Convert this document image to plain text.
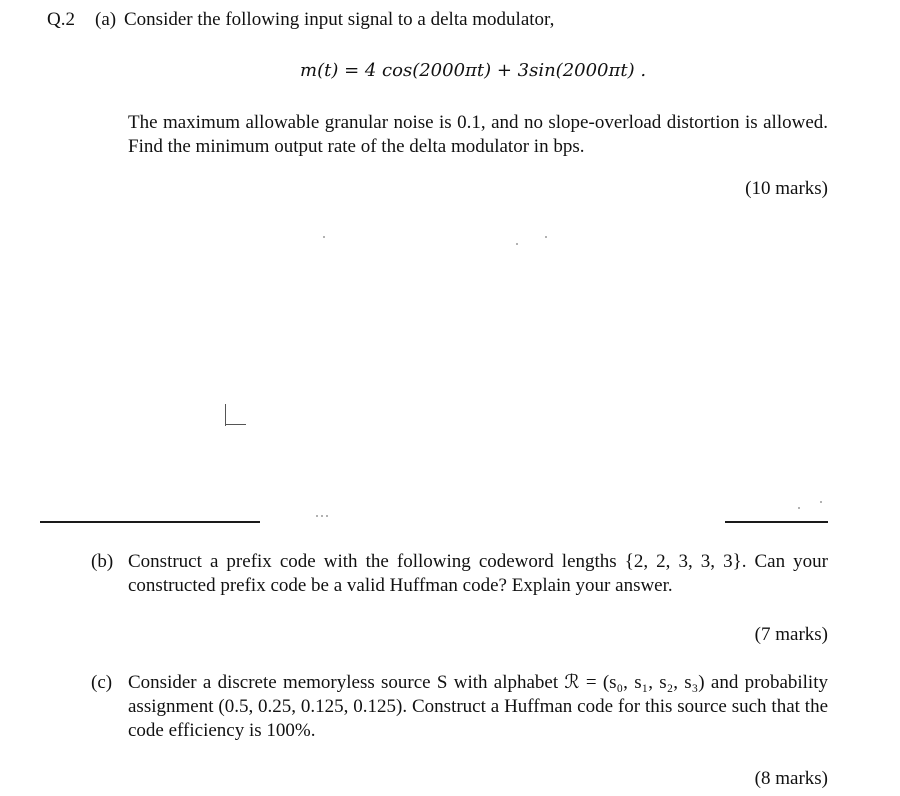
Q.2 (a) Consider the following input signal to a delta modulator,
m(t) = 4 cos(2000πt) + 3sin(2000πt) .
The maximum allowable granular noise is 0.1, and no slope-overload distortion is allowed. Find the minimum output rate of the delta modulator in bps.
(10 marks)
(b) Construct a prefix code with the following codeword lengths {2, 2, 3, 3, 3}. Can your constructed prefix code be a valid Huffman code? Explain your answer.
(7 marks)
(c) Consider a discrete memoryless source S with alphabet ℛ = (s₀, s₁, s₂, s₃) and probability assignment (0.5, 0.25, 0.125, 0.125). Construct a Huffman code for this source such that the code efficiency is 100%.
(8 marks)
